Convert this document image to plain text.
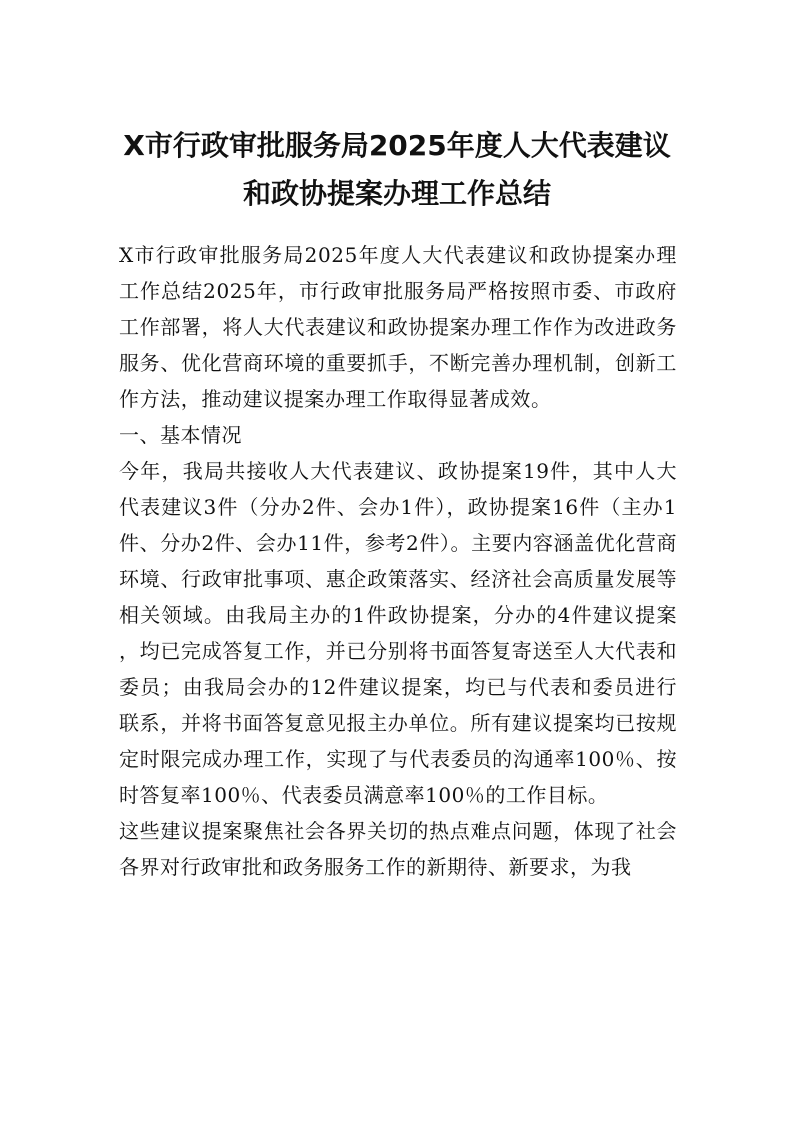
X市行政审批服务局2025年度人大代表建议和政协提案办理工作总结

X市行政审批服务局2025年度人大代表建议和政协提案办理工作总结2025年，市行政审批服务局严格按照市委、市政府工作部署，将人大代表建议和政协提案办理工作作为改进政务服务、优化营商环境的重要抓手，不断完善办理机制，创新工作方法，推动建议提案办理工作取得显著成效。

一、基本情况

今年，我局共接收人大代表建议、政协提案19件，其中人大代表建议3件（分办2件、会办1件），政协提案16件（主办1件、分办2件、会办11件，参考2件）。主要内容涵盖优化营商环境、行政审批事项、惠企政策落实、经济社会高质量发展等相关领域。由我局主办的1件政协提案，分办的4件建议提案，均已完成答复工作，并已分别将书面答复寄送至人大代表和委员；由我局会办的12件建议提案，均已与代表和委员进行联系，并将书面答复意见报主办单位。所有建议提案均已按规定时限完成办理工作，实现了与代表委员的沟通率100％、按时答复率100％、代表委员满意率100％的工作目标。

这些建议提案聚焦社会各界关切的热点难点问题，体现了社会各界对行政审批和政务服务工作的新期待、新要求，为我
